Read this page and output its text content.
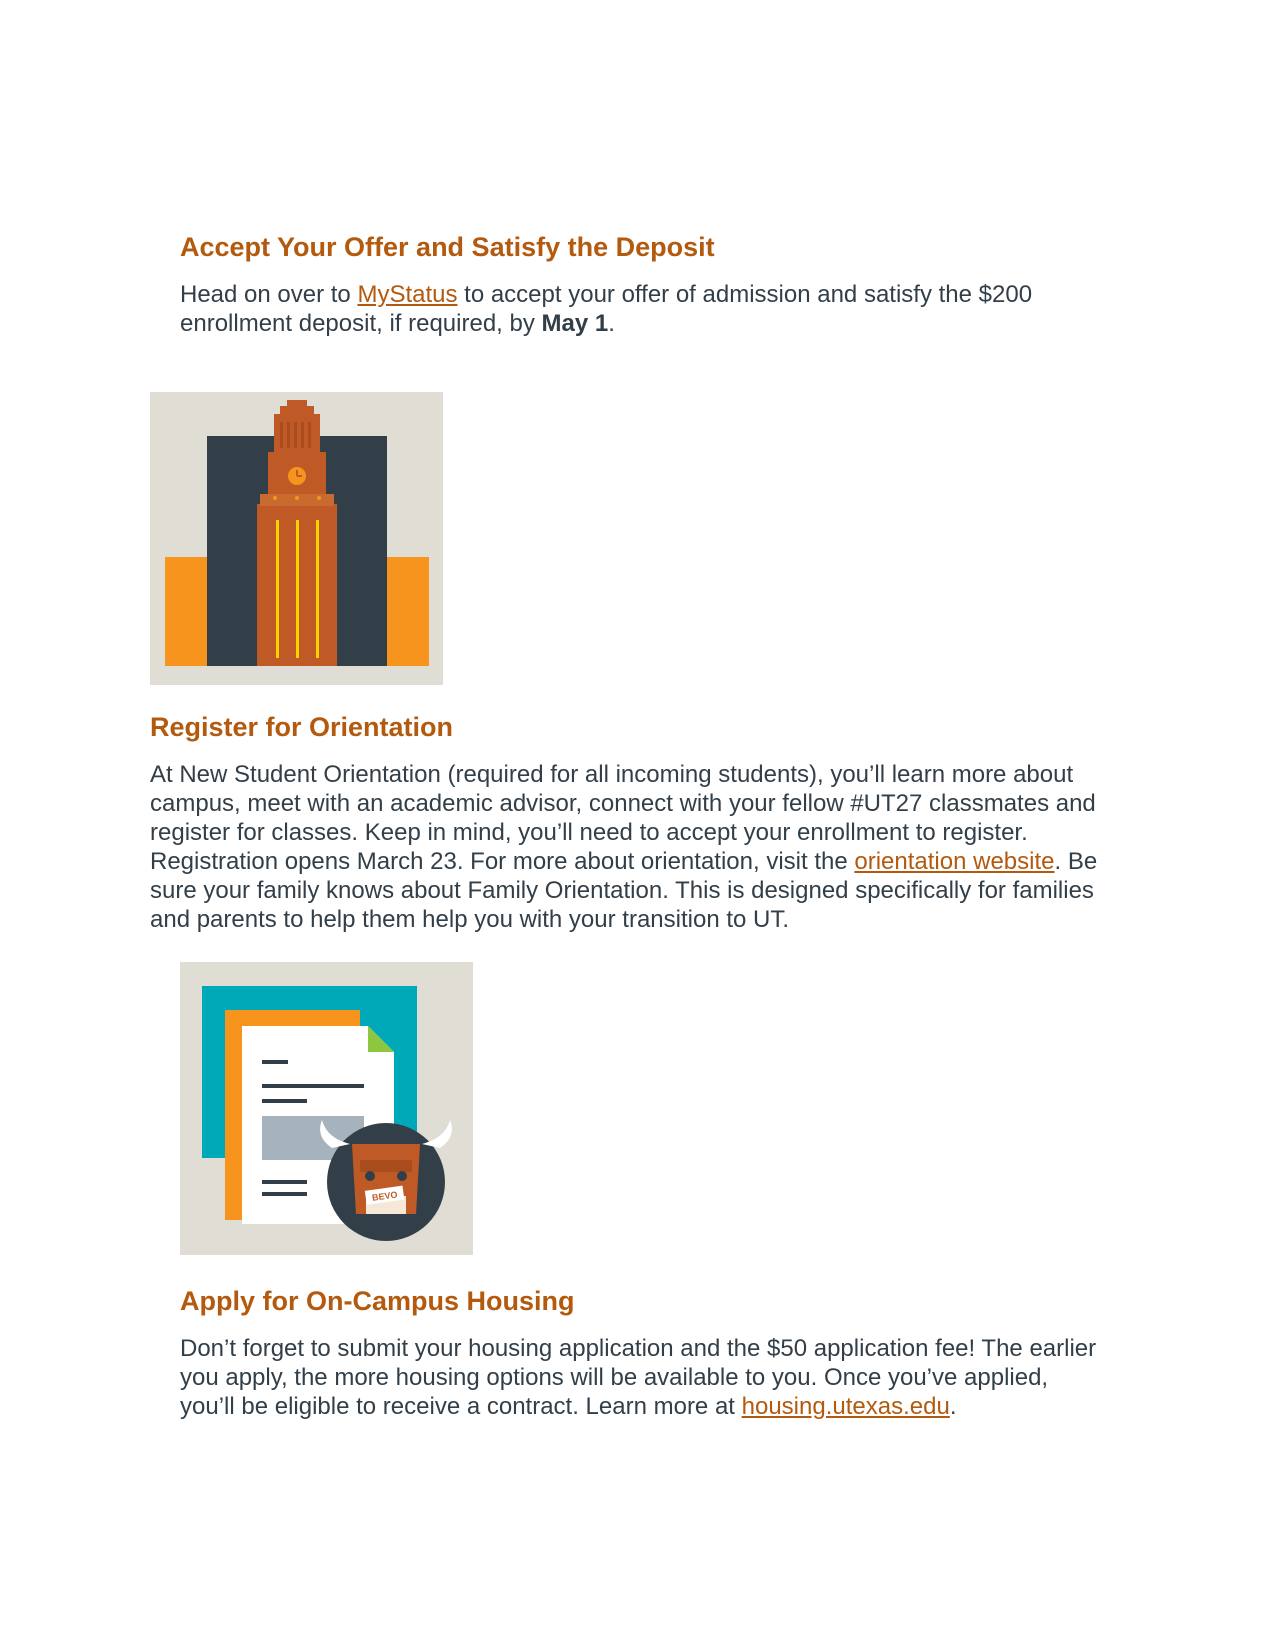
Accept Your Offer and Satisfy the Deposit

Head on over to MyStatus to accept your offer of admission and satisfy the $200 enrollment deposit, if required, by May 1.

Register for Orientation

At New Student Orientation (required for all incoming students), you’ll learn more about campus, meet with an academic advisor, connect with your fellow #UT27 classmates and register for classes. Keep in mind, you’ll need to accept your enrollment to register. Registration opens March 23. For more about orientation, visit the orientation website. Be sure your family knows about Family Orientation. This is designed specifically for families and parents to help them help you with your transition to UT.

BEVO
Apply for On-Campus Housing

Don’t forget to submit your housing application and the $50 application fee! The earlier you apply, the more housing options will be available to you. Once you’ve applied, you’ll be eligible to receive a contract. Learn more at housing.utexas.edu.
